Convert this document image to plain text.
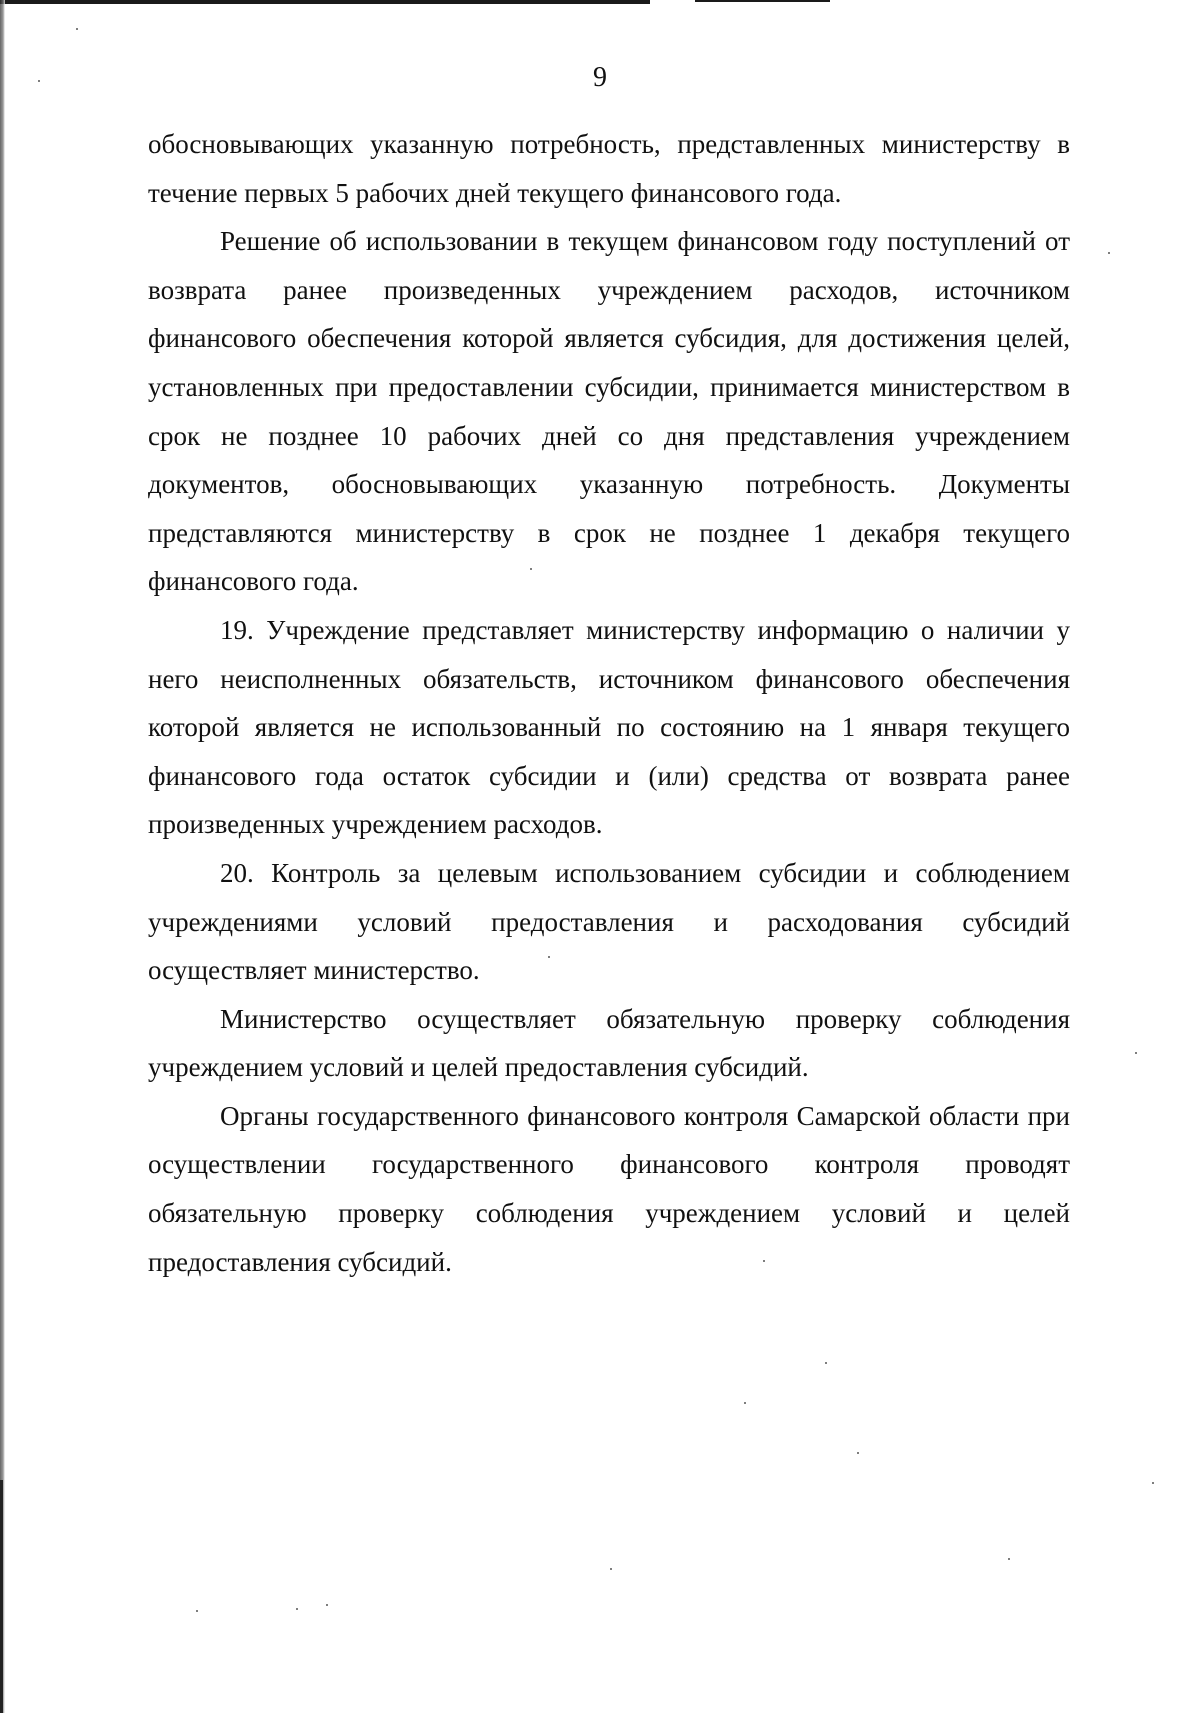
9

обосновывающих указанную потребность, представленных министерству в течение первых 5 рабочих дней текущего финансового года.

Решение об использовании в текущем финансовом году поступлений от возврата ранее произведенных учреждением расходов, источником финансового обеспечения которой является субсидия, для достижения целей, установленных при предоставлении субсидии, принимается министерством в срок не позднее 10 рабочих дней со дня представления учреждением документов, обосновывающих указанную потребность. Документы представляются министерству в срок не позднее 1 декабря текущего финансового года.

19. Учреждение представляет министерству информацию о наличии у него неисполненных обязательств, источником финансового обеспечения которой является не использованный по состоянию на 1 января текущего финансового года остаток субсидии и (или) средства от возврата ранее произведенных учреждением расходов.

20. Контроль за целевым использованием субсидии и соблюдением учреждениями условий предоставления и расходования субсидий осуществляет министерство.

Министерство осуществляет обязательную проверку соблюдения учреждением условий и целей предоставления субсидий.

Органы государственного финансового контроля Самарской области при осуществлении государственного финансового контроля проводят обязательную проверку соблюдения учреждением условий и целей предоставления субсидий.
